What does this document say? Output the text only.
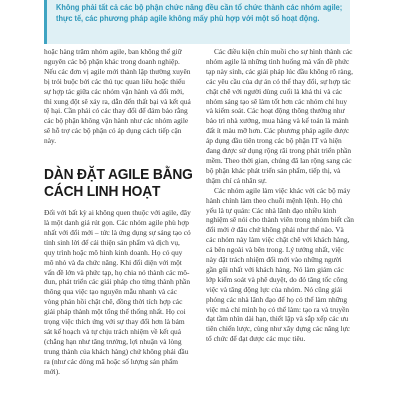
Không phải tất cả các bộ phận chức năng đều cần tổ chức thành các nhóm agile; thực tế, các phương pháp agile không mấy phù hợp với một số hoạt động.

hoặc hàng trăm nhóm agile, ban không thể giữ nguyên các bộ phận khác trong doanh nghiệp. Nếu các đơn vị agile mới thành lập thường xuyên bị trói buộc bởi các thủ tục quan liêu hoặc thiếu sự hợp tác giữa các nhóm vận hành và đổi mới, thì xung đột sẽ xảy ra, dẫn đến thất bại và kết quả tệ hại. Cần phải có các thay đổi để đảm bảo rằng các bộ phận không vận hành như các nhóm agile sẽ hỗ trợ các bộ phận có áp dụng cách tiếp cận này.

DÀN ĐẶT AGILE BẰNG CÁCH LINH HOẠT

Đối với bất kỳ ai không quen thuộc với agile, đây là một danh giá rút gọn. Các nhóm agile phù hợp nhất với đổi mới – tức là ứng dụng sự sáng tạo có tính sinh lời để cải thiện sản phẩm và dịch vụ, quy trình hoặc mô hình kinh doanh. Họ có quy mô nhỏ và đa chức năng. Khi đối diện với một vấn đề lớn và phức tạp, họ chia nó thành các mô-đun, phát triển các giải pháp cho từng thành phần thông qua việc tạo nguyên mẫu nhanh và các vòng phản hồi chặt chẽ, đồng thời tích hợp các giải pháp thành một tổng thể thống nhất. Họ coi trọng việc thích ứng với sự thay đổi hơn là bám sát kế hoạch và tự chịu trách nhiệm về kết quả (chẳng hạn như tăng trưởng, lợi nhuận và lòng trung thành của khách hàng) chứ không phải đầu ra (như các dòng mã hoặc số lượng sản phẩm mới).

Các điều kiện chín muồi cho sự hình thành các nhóm agile là những tình huống mà vấn đề phức tạp này sinh, các giải pháp lúc đầu không rõ ràng, các yêu cầu của dự án có thể thay đổi, sự hợp tác chặt chẽ với người dùng cuối là khả thi và các nhóm sáng tạo sẽ làm tốt hơn các nhóm chỉ huy và kiểm soát. Các hoạt động thông thường như bảo trì nhà xưởng, mua hàng và kế toán là mảnh đất ít màu mỡ hơn. Các phương pháp agile được áp dụng đầu tiên trong các bộ phận IT và hiện đang được sử dụng rộng rãi trong phát triển phần mềm. Theo thời gian, chúng đã lan rộng sang các bộ phận khác phát triển sản phẩm, tiếp thị, và thậm chí cả nhân sự.

Các nhóm agile làm việc khác với các bộ máy hành chính làm theo chuỗi mệnh lệnh. Họ chủ yếu là tự quản: Các nhà lãnh đạo nhiều kinh nghiệm sẽ nói cho thành viên trong nhóm biết cần đổi mới ở đâu chứ không phải như thế nào. Và các nhóm này làm việc chặt chẽ với khách hàng, cả bên ngoài và bên trong. Lý tưởng nhất, việc này đặt trách nhiệm đổi mới vào những người gần gũi nhất với khách hàng. Nó làm giảm các lớp kiểm soát và phê duyệt, do đó tăng tốc công việc và tăng động lực của nhóm. Nó cũng giải phóng các nhà lãnh đạo để họ có thể làm những việc mà chỉ mình họ có thể làm: tạo ra và truyền đạt tầm nhìn dài hạn, thiết lập và sắp xếp các ưu tiên chiến lược, cùng như xây dựng các năng lực tổ chức để đạt được các mục tiêu.
